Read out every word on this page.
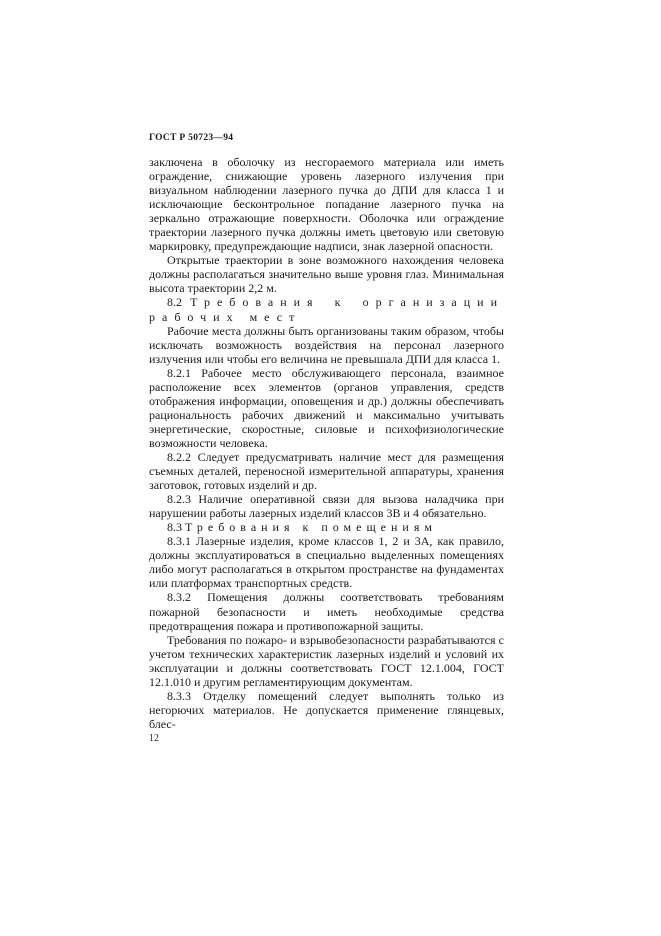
ГОСТ Р 50723—94

заключена в оболочку из несгораемого материала или иметь ограждение, снижающие уровень лазерного излучения при визуальном наблюдении лазерного пучка до ДПИ для класса 1 и исключающие бесконтрольное попадание лазерного пучка на зеркально отражающие поверхности. Оболочка или ограждение траектории лазерного пучка должны иметь цветовую или световую маркировку, предупреждающие надписи, знак лазерной опасности.

Открытые траектории в зоне возможного нахождения человека должны располагаться значительно выше уровня глаз. Минимальная высота траектории 2,2 м.

8.2 Требования к организации рабочих мест

Рабочие места должны быть организованы таким образом, чтобы исключать возможность воздействия на персонал лазерного излучения или чтобы его величина не превышала ДПИ для класса 1.

8.2.1 Рабочее место обслуживающего персонала, взаимное расположение всех элементов (органов управления, средств отображения информации, оповещения и др.) должны обеспечивать рациональность рабочих движений и максимально учитывать энергетические, скоростные, силовые и психофизиологические возможности человека.

8.2.2 Следует предусматривать наличие мест для размещения съемных деталей, переносной измерительной аппаратуры, хранения заготовок, готовых изделий и др.

8.2.3 Наличие оперативной связи для вызова наладчика при нарушении работы лазерных изделий классов 3В и 4 обязательно.

8.3 Требования к помещениям

8.3.1 Лазерные изделия, кроме классов 1, 2 и 3А, как правило, должны эксплуатироваться в специально выделенных помещениях либо могут располагаться в открытом пространстве на фундаментах или платформах транспортных средств.

8.3.2 Помещения должны соответствовать требованиям пожарной безопасности и иметь необходимые средства предотвращения пожара и противопожарной защиты.

Требования по пожаро- и взрывобезопасности разрабатываются с учетом технических характеристик лазерных изделий и условий их эксплуатации и должны соответствовать ГОСТ 12.1.004, ГОСТ 12.1.010 и другим регламентирующим документам.

8.3.3 Отделку помещений следует выполнять только из негорючих материалов. Не допускается применение глянцевых, блес-

12
